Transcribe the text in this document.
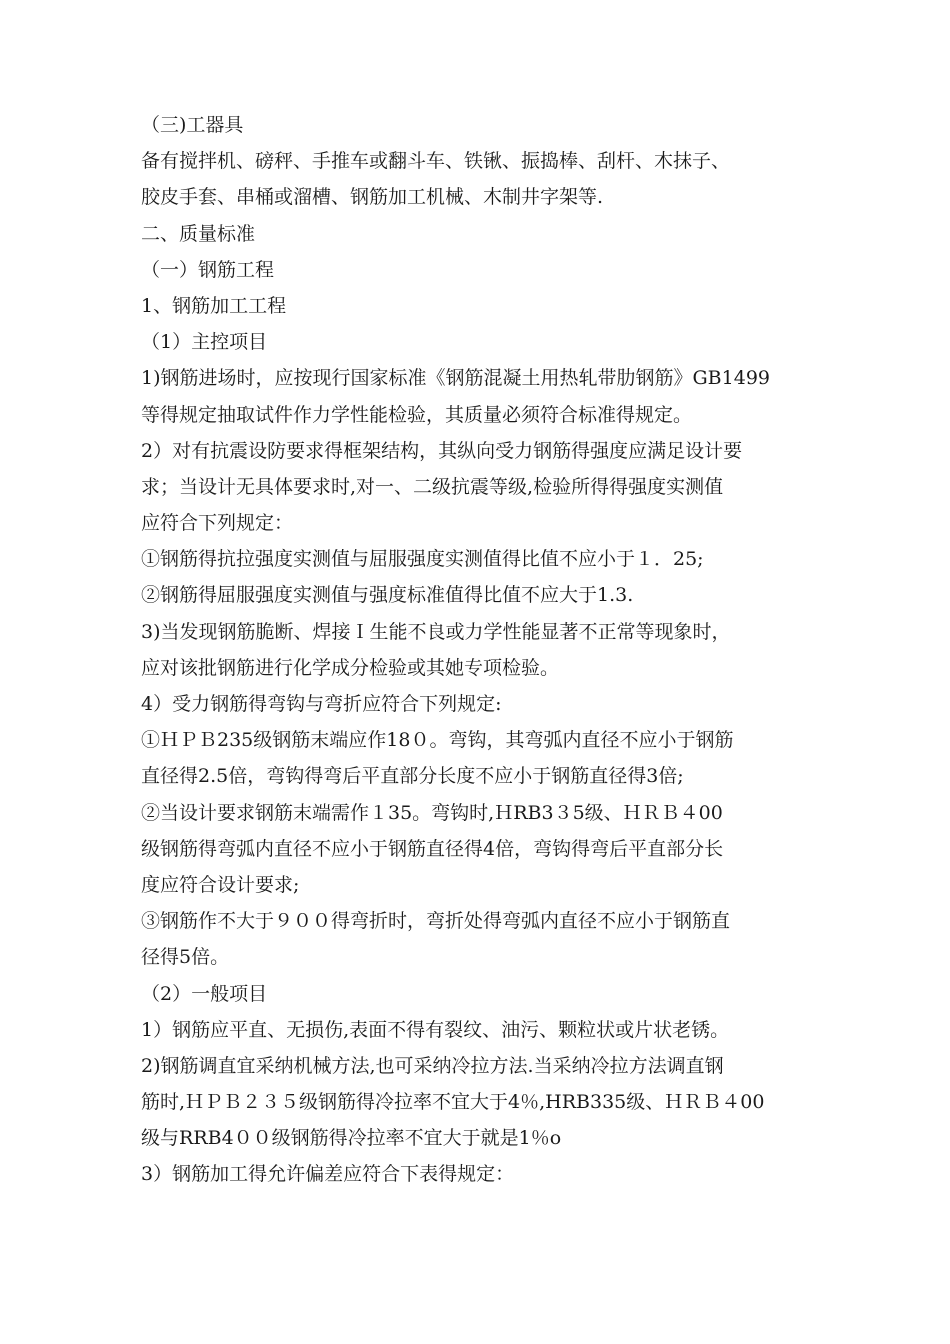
（三)工器具
备有搅拌机、磅秤、手推车或翻斗车、铁锹、振捣棒、刮杆、木抹子、
胶皮手套、串桶或溜槽、钢筋加工机械、木制井字架等.
二、质量标准
（一）钢筋工程
1、钢筋加工工程
（1）主控项目
1)钢筋进场时，应按现行国家标准《钢筋混凝土用热轧带肋钢筋》GB1499
等得规定抽取试件作力学性能检验，其质量必须符合标准得规定。
2）对有抗震设防要求得框架结构，其纵向受力钢筋得强度应满足设计要
求；当设计无具体要求时,对一、二级抗震等级,检验所得得强度实测值
应符合下列规定：
①钢筋得抗拉强度实测值与屈服强度实测值得比值不应小于１．25;
②钢筋得屈服强度实测值与强度标准值得比值不应大于1.3.
3)当发现钢筋脆断、焊接Ｉ生能不良或力学性能显著不正常等现象时，
应对该批钢筋进行化学成分检验或其她专项检验。
4）受力钢筋得弯钩与弯折应符合下列规定:
①ＨＰＢ235级钢筋末端应作18０。弯钩，其弯弧内直径不应小于钢筋
直径得2.5倍，弯钩得弯后平直部分长度不应小于钢筋直径得3倍;
②当设计要求钢筋末端需作１35。弯钩时,ＨRB3３5级、ＨＲＢ４00
级钢筋得弯弧内直径不应小于钢筋直径得4倍，弯钩得弯后平直部分长
度应符合设计要求;
③钢筋作不大于９００得弯折时，弯折处得弯弧内直径不应小于钢筋直
径得5倍。
（2）一般项目
1）钢筋应平直、无损伤,表面不得有裂纹、油污、颗粒状或片状老锈。
2)钢筋调直宜采纳机械方法,也可采纳冷拉方法.当采纳冷拉方法调直钢
筋时,ＨＰＢ２３５级钢筋得冷拉率不宜大于4％,HRB335级、ＨＲＢ４00
级与RRB4００级钢筋得冷拉率不宜大于就是1％o
3）钢筋加工得允许偏差应符合下表得规定：
